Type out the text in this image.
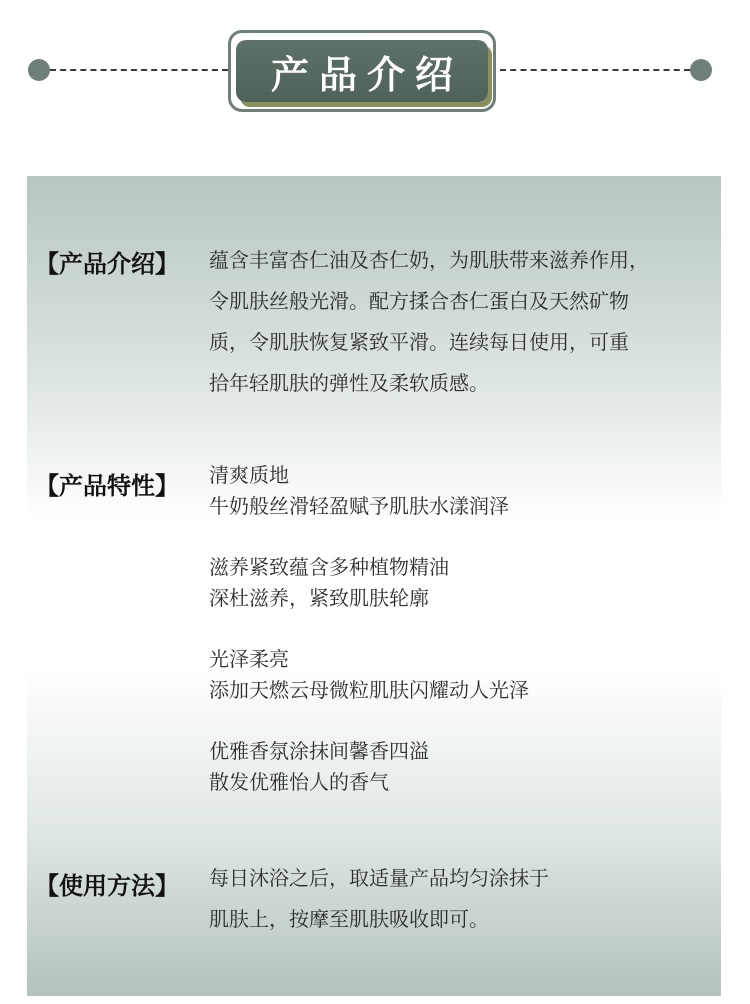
产品介绍
【产品介绍】 蕴含丰富杏仁油及杏仁奶，为肌肤带来滋养作用，
令肌肤丝般光滑。配方揉合杏仁蛋白及天然矿物
质，令肌肤恢复紧致平滑。连续每日使用，可重
拾年轻肌肤的弹性及柔软质感。
【产品特性】 清爽质地
牛奶般丝滑轻盈赋予肌肤水漾润泽
滋养紧致蕴含多种植物精油
深杜滋养，紧致肌肤轮廓
光泽柔亮
添加天燃云母微粒肌肤闪耀动人光泽
优雅香氛涂抹间馨香四溢
散发优雅怡人的香气
【使用方法】 每日沐浴之后，取适量产品均匀涂抹于
肌肤上，按摩至肌肤吸收即可。
